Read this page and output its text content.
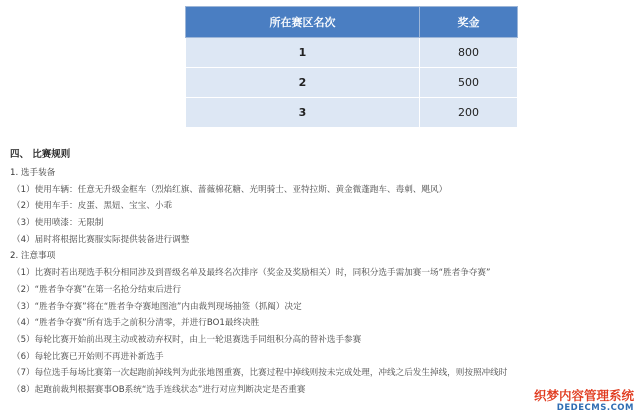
所在赛区名次	奖金
1	800
2	500
3	200
四、 比赛规则
1. 选手装备
（1）使用车辆：任意无升级金框车（烈焰红旗、蔷薇棉花糖、光明骑士、亚特拉斯、黄金微蓬跑车、毒刺、飓风）
（2）使用车手：皮蛋、黑妞、宝宝、小乖
（3）使用喷漆：无限制
（4）届时将根据比赛服实际提供装备进行调整
2. 注意事项
（1）比赛时若出现选手积分相同涉及到晋级名单及最终名次排序（奖金及奖励相关）时，同积分选手需加赛一场“胜者争夺赛”
（2）“胜者争夺赛”在第一名抢分结束后进行
（3）“胜者争夺赛”将在“胜者争夺赛地图池”内由裁判现场抽签（抓阄）决定
（4）“胜者争夺赛”所有选手之前积分清零，并进行BO1最终决胜
（5）每轮比赛开始前出现主动或被动弃权时，由上一轮退赛选手同组积分高的替补选手参赛
（6）每轮比赛已开始则不再进补新选手
（7）每位选手每场比赛第一次起跑前掉线判为此张地图重赛，比赛过程中掉线则按未完成处理，冲线之后发生掉线，则按照冲线时
（8）起跑前裁判根据赛事OB系统“选手连线状态”进行对应判断决定是否重赛	织梦内容管理系统
DEDECMS.COM
